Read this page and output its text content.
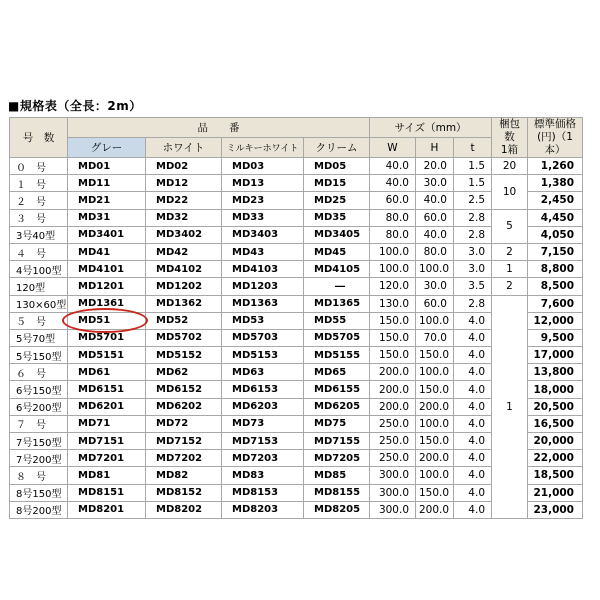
■規格表（全長：2m）
号　数	品　　番				サイズ（mm）			梱包数
1箱	標準価格
(円)（1本）
	グレー	ホワイト	ミルキーホワイト	クリーム	W	H	t		
０　号	MD01	MD02	MD03	MD05	40.0	20.0	1.5	20	1,260
１　号	MD11	MD12	MD13	MD15	40.0	30.0	1.5	10	1,380
２　号	MD21	MD22	MD23	MD25	60.0	40.0	2.5		2,450
３　号	MD31	MD32	MD33	MD35	80.0	60.0	2.8	5	4,450
3号40型	MD3401	MD3402	MD3403	MD3405	80.0	40.0	2.8		4,050
４　号	MD41	MD42	MD43	MD45	100.0	80.0	3.0	2	7,150
4号100型	MD4101	MD4102	MD4103	MD4105	100.0	100.0	3.0	1	8,800
120型	MD1201	MD1202	MD1203	―	120.0	30.0	3.5	2	8,500
130×60型	MD1361	MD1362	MD1363	MD1365	130.0	60.0	2.8	1	7,600
５　号	MD51	MD52	MD53	MD55	150.0	100.0	4.0		12,000
5号70型	MD5701	MD5702	MD5703	MD5705	150.0	70.0	4.0		9,500
5号150型	MD5151	MD5152	MD5153	MD5155	150.0	150.0	4.0		17,000
６　号	MD61	MD62	MD63	MD65	200.0	100.0	4.0		13,800
6号150型	MD6151	MD6152	MD6153	MD6155	200.0	150.0	4.0		18,000
6号200型	MD6201	MD6202	MD6203	MD6205	200.0	200.0	4.0		20,500
７　号	MD71	MD72	MD73	MD75	250.0	100.0	4.0		16,500
7号150型	MD7151	MD7152	MD7153	MD7155	250.0	150.0	4.0		20,000
7号200型	MD7201	MD7202	MD7203	MD7205	250.0	200.0	4.0		22,000
８　号	MD81	MD82	MD83	MD85	300.0	100.0	4.0		18,500
8号150型	MD8151	MD8152	MD8153	MD8155	300.0	150.0	4.0		21,000
8号200型	MD8201	MD8202	MD8203	MD8205	300.0	200.0	4.0		23,000
